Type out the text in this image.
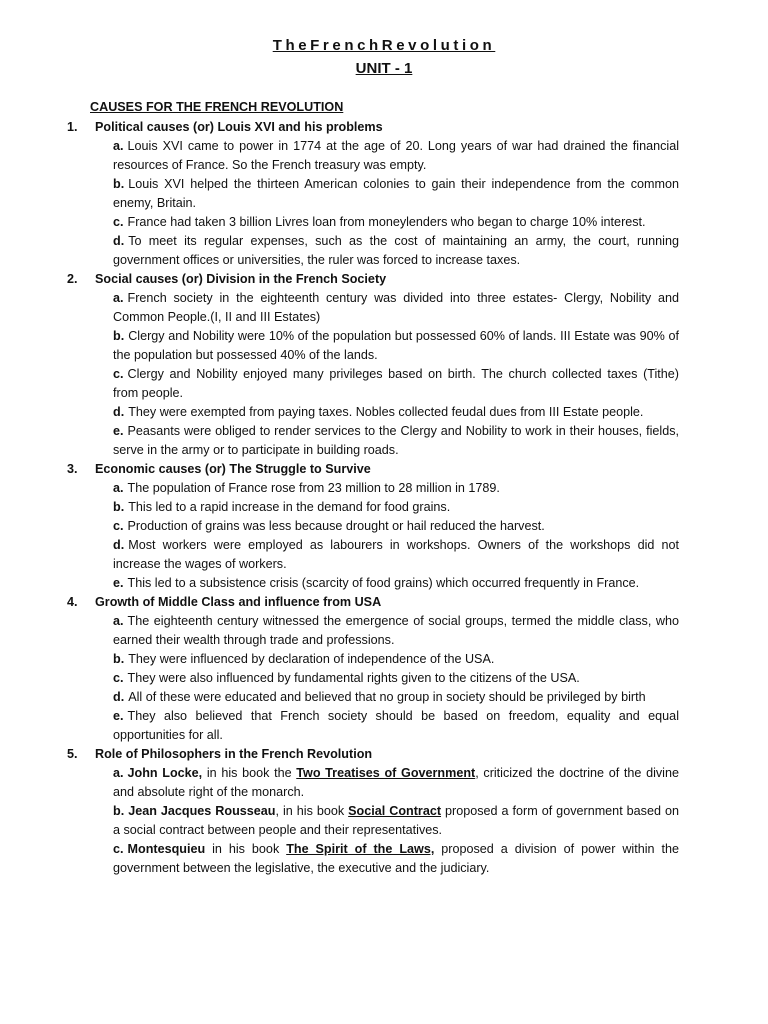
TheFrenchRevolution
UNIT - 1
CAUSES FOR THE FRENCH REVOLUTION
1.	Political causes (or) Louis XVI and his problems
a. Louis XVI came to power in 1774 at the age of 20. Long years of war had drained the financial resources of France. So the French treasury was empty.
b. Louis XVI helped the thirteen American colonies to gain their independence from the common enemy, Britain.
c. France had taken 3 billion Livres loan from moneylenders who began to charge 10% interest.
d. To meet its regular expenses, such as the cost of maintaining an army, the court, running government offices or universities, the ruler was forced to increase taxes.
2.	Social causes (or) Division in the French Society
a. French society in the eighteenth century was divided into three estates- Clergy, Nobility and Common People.(I, II and III Estates)
b. Clergy and Nobility were 10% of the population but possessed 60% of lands. III Estate was 90% of the population but possessed 40% of the lands.
c. Clergy and Nobility enjoyed many privileges based on birth. The church collected taxes (Tithe) from people.
d. They were exempted from paying taxes. Nobles collected feudal dues from III Estate people.
e. Peasants were obliged to render services to the Clergy and Nobility to work in their houses, fields, serve in the army or to participate in building roads.
3.	Economic causes (or) The Struggle to Survive
a. The population of France rose from 23 million to 28 million in 1789.
b. This led to a rapid increase in the demand for food grains.
c. Production of grains was less because drought or hail reduced the harvest.
d. Most workers were employed as labourers in workshops. Owners of the workshops did not increase the wages of workers.
e. This led to a subsistence crisis (scarcity of food grains) which occurred frequently in France.
4.	Growth of Middle Class and influence from USA
a. The eighteenth century witnessed the emergence of social groups, termed the middle class, who earned their wealth through trade and professions.
b. They were influenced by declaration of independence of the USA.
c. They were also influenced by fundamental rights given to the citizens of the USA.
d. All of these were educated and believed that no group in society should be privileged by birth
e. They also believed that French society should be based on freedom, equality and equal opportunities for all.
5.	Role of Philosophers in the French Revolution
a. John Locke, in his book the Two Treatises of Government, criticized the doctrine of the divine and absolute right of the monarch.
b. Jean Jacques Rousseau, in his book Social Contract proposed a form of government based on a social contract between people and their representatives.
c. Montesquieu in his book The Spirit of the Laws, proposed a division of power within the government between the legislative, the executive and the judiciary.
